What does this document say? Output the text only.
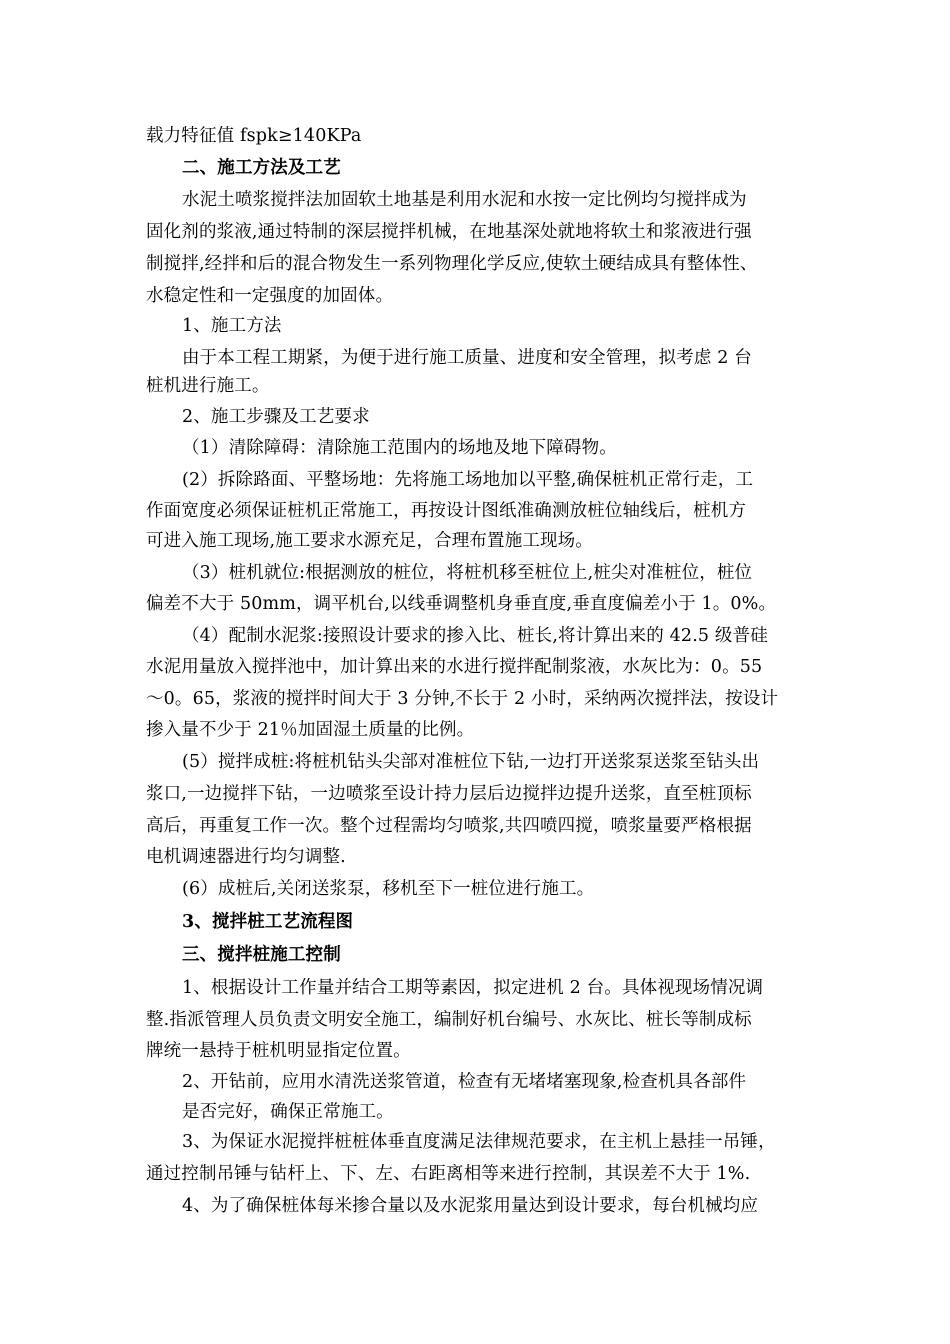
载力特征值 fspk≥140KPa
二、施工方法及工艺
水泥土喷浆搅拌法加固软土地基是利用水泥和水按一定比例均匀搅拌成为
固化剂的浆液,通过特制的深层搅拌机械，在地基深处就地将软土和浆液进行强
制搅拌,经拌和后的混合物发生一系列物理化学反应,使软土硬结成具有整体性、
水稳定性和一定强度的加固体。
1、施工方法
由于本工程工期紧，为便于进行施工质量、进度和安全管理，拟考虑 2 台
桩机进行施工。
2、施工步骤及工艺要求
（1）清除障碍：清除施工范围内的场地及地下障碍物。
(2）拆除路面、平整场地：先将施工场地加以平整,确保桩机正常行走，工
作面宽度必须保证桩机正常施工，再按设计图纸准确测放桩位轴线后，桩机方
可进入施工现场,施工要求水源充足，合理布置施工现场。
（3）桩机就位:根据测放的桩位，将桩机移至桩位上,桩尖对准桩位，桩位
偏差不大于 50mm，调平机台,以线垂调整机身垂直度,垂直度偏差小于 1。0%。
（4）配制水泥浆:接照设计要求的掺入比、桩长,将计算出来的 42.5 级普硅
水泥用量放入搅拌池中，加计算出来的水进行搅拌配制浆液，水灰比为：0。55
～0。65，浆液的搅拌时间大于 3 分钟,不长于 2 小时，采纳两次搅拌法，按设计
掺入量不少于 21％加固湿土质量的比例。
(5）搅拌成桩:将桩机钻头尖部对准桩位下钻,一边打开送浆泵送浆至钻头出
浆口,一边搅拌下钻，一边喷浆至设计持力层后边搅拌边提升送浆，直至桩顶标
高后，再重复工作一次。整个过程需均匀喷浆,共四喷四搅，喷浆量要严格根据
电机调速器进行均匀调整.
(6）成桩后,关闭送浆泵，移机至下一桩位进行施工。
3、搅拌桩工艺流程图
三、搅拌桩施工控制
1、根据设计工作量并结合工期等素因，拟定进机 2 台。具体视现场情况调
整.指派管理人员负责文明安全施工，编制好机台编号、水灰比、桩长等制成标
牌统一悬持于桩机明显指定位置。
2、开钻前，应用水清洗送浆管道，检查有无堵堵塞现象,检查机具各部件
是否完好，确保正常施工。
3、为保证水泥搅拌桩桩体垂直度满足法律规范要求，在主机上悬挂一吊锤，
通过控制吊锤与钻杆上、下、左、右距离相等来进行控制，其误差不大于 1%.
4、为了确保桩体每米掺合量以及水泥浆用量达到设计要求，每台机械均应
